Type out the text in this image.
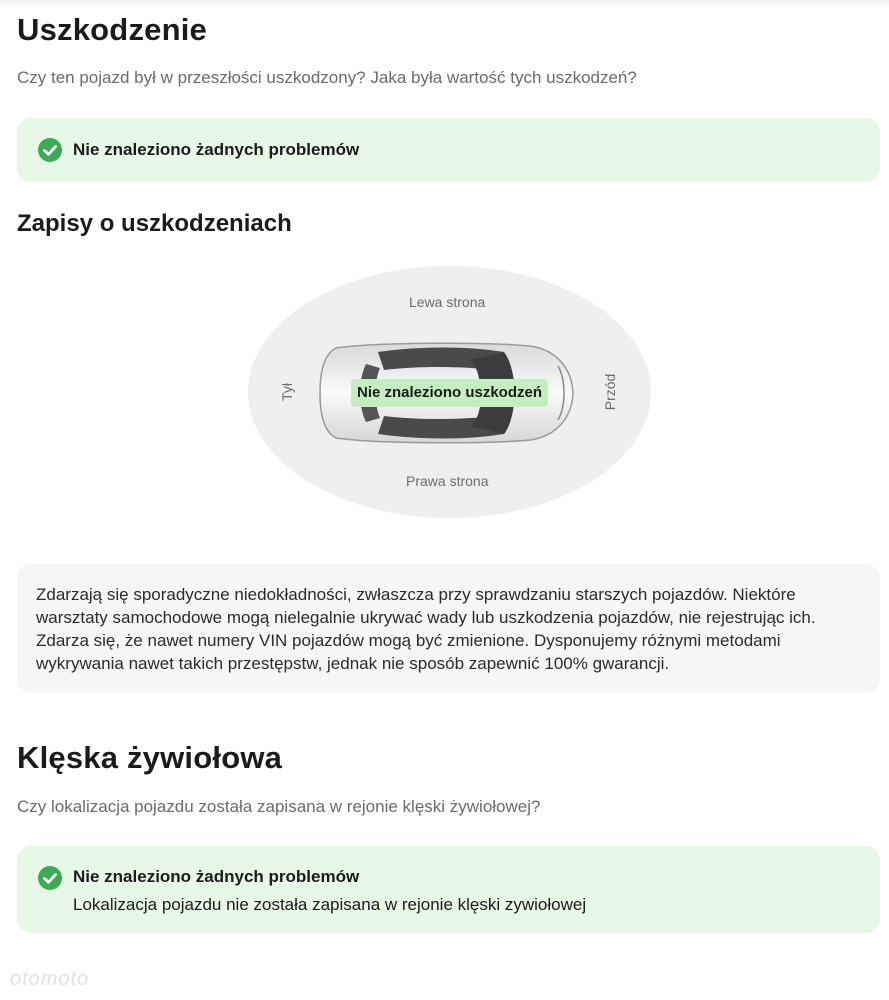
Uszkodzenie

Czy ten pojazd był w przeszłości uszkodzony? Jaka była wartość tych uszkodzeń?

Nie znaleziono żadnych problemów
Zapisy o uszkodzeniach
Lewa strona
Prawa strona
Tył	Przód
Nie znaleziono uszkodzeń

Zdarzają się sporadyczne niedokładności, zwłaszcza przy sprawdzaniu starszych pojazdów. Niektóre warsztaty samochodowe mogą nielegalnie ukrywać wady lub uszkodzenia pojazdów, nie rejestrując ich. Zdarza się, że nawet numery VIN pojazdów mogą być zmienione. Dysponujemy różnymi metodami wykrywania nawet takich przestępstw, jednak nie sposób zapewnić 100% gwarancji.

Klęska żywiołowa

Czy lokalizacja pojazdu została zapisana w rejonie klęski żywiołowej?

Nie znaleziono żadnych problemów
Lokalizacja pojazdu nie została zapisana w rejonie klęski zywiołowej
otomoto
